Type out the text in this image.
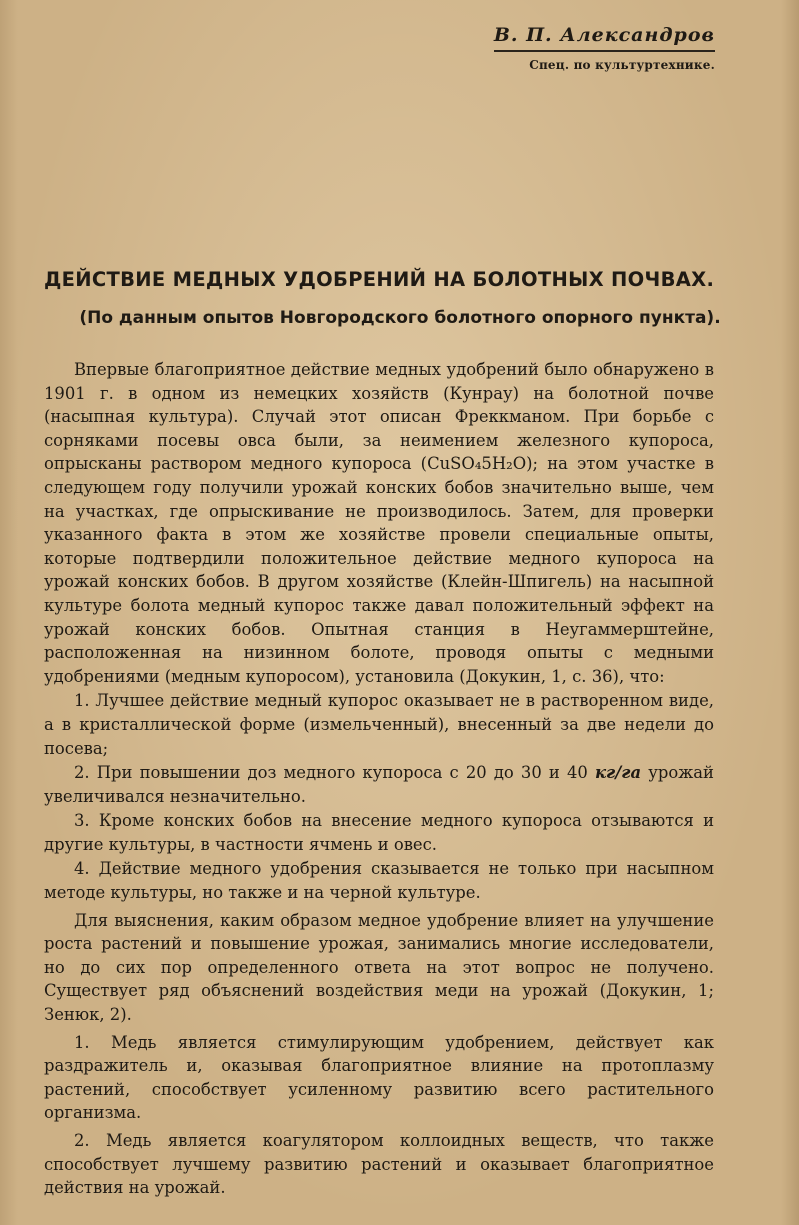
В. П. Александров
Спец. по культуртехнике.
ДЕЙСТВИЕ МЕДНЫХ УДОБРЕНИЙ НА БОЛОТНЫХ ПОЧВАХ.
(По данным опытов Новгородского болотного опорного пункта).

Впервые благоприятное действие медных удобрений было обнаружено в 1901 г. в одном из немецких хозяйств (Кунрау) на болотной почве (насыпная культура). Случай этот описан Фреккманом. При борьбе с сорняками посевы овса были, за неимением железного купороса, опрысканы раствором медного купороса (CuSO₄5H₂O); на этом участке в следующем году получили урожай конских бобов значительно выше, чем на участках, где опрыскивание не производилось. Затем, для проверки указанного факта в этом же хозяйстве провели специальные опыты, которые подтвердили положительное действие медного купороса на урожай конских бобов. В другом хозяйстве (Клейн-Шпигель) на насыпной культуре болота медный купорос также давал положительный эффект на урожай конских бобов. Опытная станция в Неугаммерштейне, расположенная на низинном болоте, проводя опыты с медными удобрениями (медным купоросом), установила (Докукин, 1, с. 36), что:

1. Лучшее действие медный купорос оказывает не в растворенном виде, а в кристаллической форме (измельченный), внесенный за две недели до посева;

2. При повышении доз медного купороса с 20 до 30 и 40 кг/га урожай увеличивался незначительно.

3. Кроме конских бобов на внесение медного купороса отзываются и другие культуры, в частности ячмень и овес.

4. Действие медного удобрения сказывается не только при насыпном методе культуры, но также и на черной культуре.

Для выяснения, каким образом медное удобрение влияет на улучшение роста растений и повышение урожая, занимались многие исследователи, но до сих пор определенного ответа на этот вопрос не получено. Существует ряд объяснений воздействия меди на урожай (Докукин, 1; Зенюк, 2).

1. Медь является стимулирующим удобрением, действует как раздражитель и, оказывая благоприятное влияние на протоплазму растений, способствует усиленному развитию всего растительного организма.

2. Медь является коагулятором коллоидных веществ, что также способствует лучшему развитию растений и оказывает благоприятное действия на урожай.
